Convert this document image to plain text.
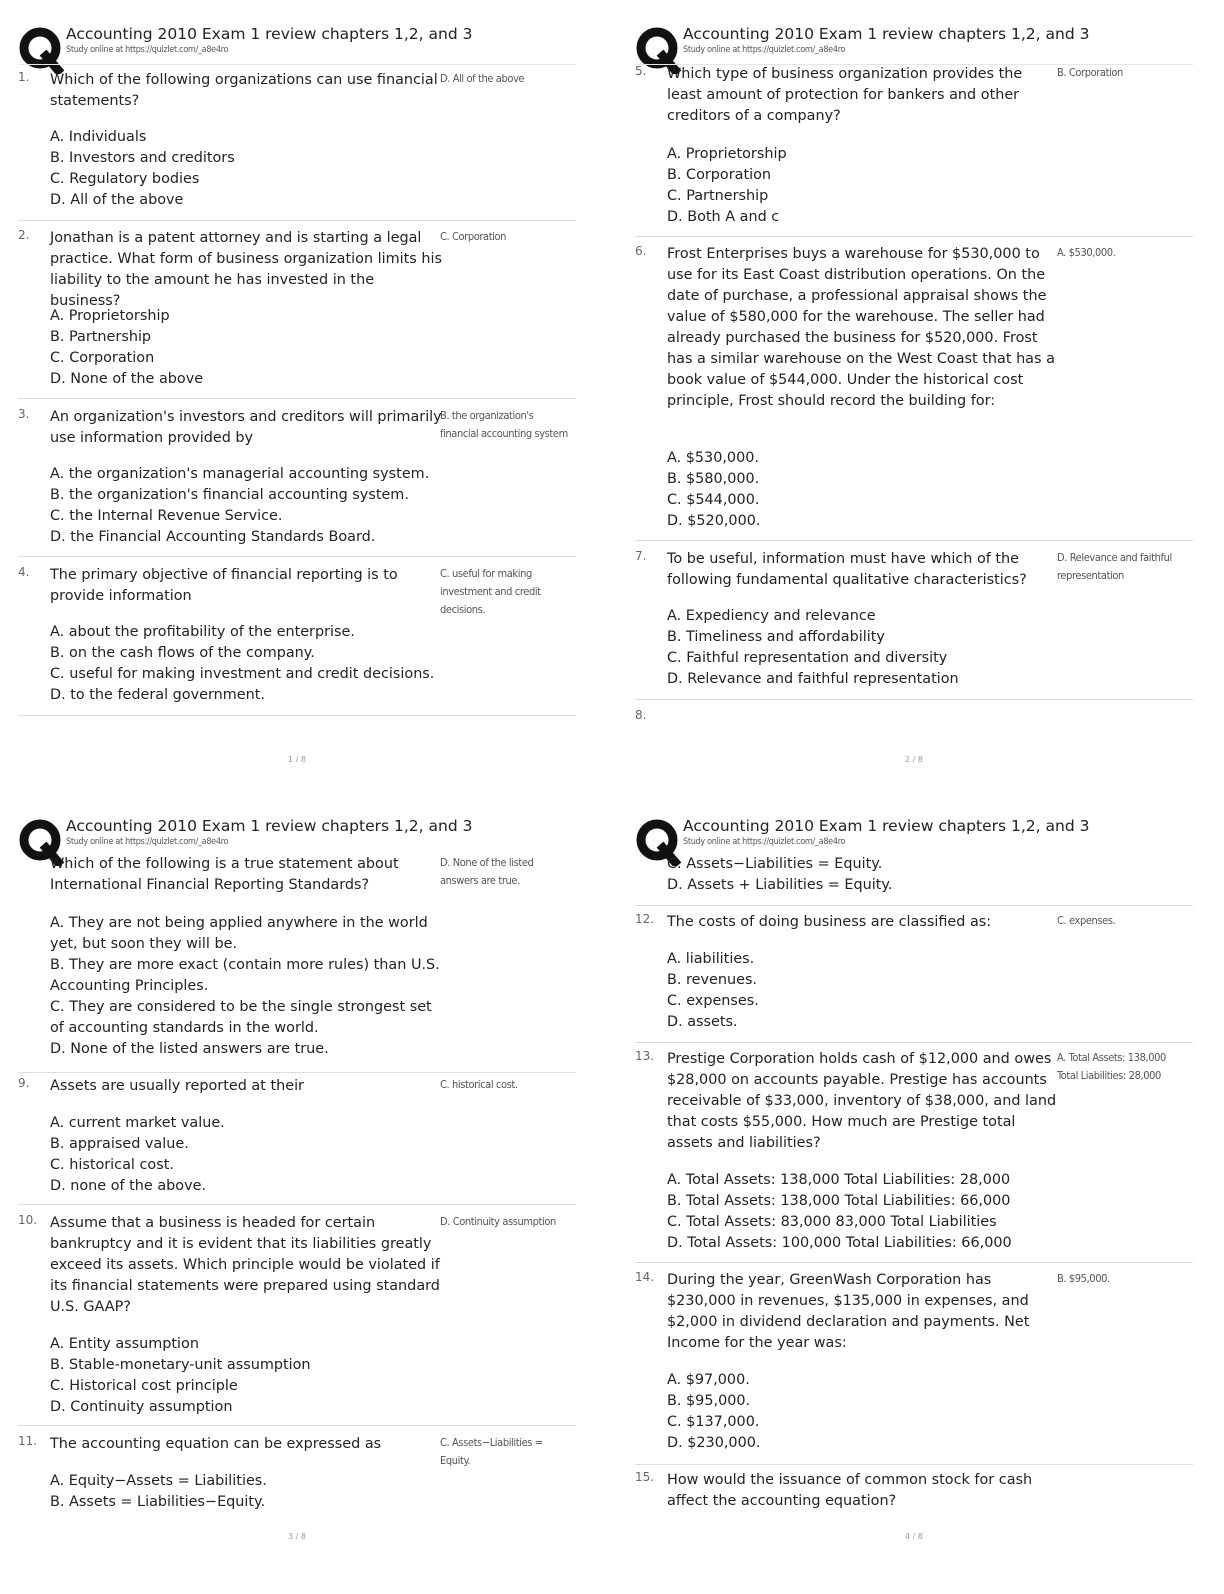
Accounting 2010 Exam 1 review chapters 1,2, and 3
Study online at https://quizlet.com/_a8e4ro
1. Which of the following organizations can use financial statements?
D. All of the above
A. Individuals
B. Investors and creditors
C. Regulatory bodies
D. All of the above
2. Jonathan is a patent attorney and is starting a legal practice. What form of business organization limits his liability to the amount he has invested in the business?
C. Corporation
A. Proprietorship
B. Partnership
C. Corporation
D. None of the above
3. An organization's investors and creditors will primarily use information provided by
B. the organization's financial accounting system
A. the organization's managerial accounting system.
B. the organization's financial accounting system.
C. the Internal Revenue Service.
D. the Financial Accounting Standards Board.
4. The primary objective of financial reporting is to provide information
C. useful for making investment and credit decisions.
A. about the profitability of the enterprise.
B. on the cash flows of the company.
C. useful for making investment and credit decisions.
D. to the federal government.
1 / 8
Accounting 2010 Exam 1 review chapters 1,2, and 3
Study online at https://quizlet.com/_a8e4ro
5. Which type of business organization provides the least amount of protection for bankers and other creditors of a company?
B. Corporation
A. Proprietorship
B. Corporation
C. Partnership
D. Both A and c
6. Frost Enterprises buys a warehouse for $530,000 to use for its East Coast distribution operations. On the date of purchase, a professional appraisal shows the value of $580,000 for the warehouse. The seller had already purchased the business for $520,000. Frost has a similar warehouse on the West Coast that has a book value of $544,000. Under the historical cost principle, Frost should record the building for:
A. $530,000.
A. $530,000.
B. $580,000.
C. $544,000.
D. $520,000.
7. To be useful, information must have which of the following fundamental qualitative characteristics?
D. Relevance and faithful representation
A. Expediency and relevance
B. Timeliness and affordability
C. Faithful representation and diversity
D. Relevance and faithful representation
8.
2 / 8
Accounting 2010 Exam 1 review chapters 1,2, and 3
Study online at https://quizlet.com/_a8e4ro
Which of the following is a true statement about International Financial Reporting Standards?
D. None of the listed answers are true.
A. They are not being applied anywhere in the world yet, but soon they will be.
B. They are more exact (contain more rules) than U.S. Accounting Principles.
C. They are considered to be the single strongest set of accounting standards in the world.
D. None of the listed answers are true.
9. Assets are usually reported at their	C. historical cost.
A. current market value.
B. appraised value.
C. historical cost.
D. none of the above.
10. Assume that a business is headed for certain bankruptcy and it is evident that its liabilities greatly exceed its assets. Which principle would be violated if its financial statements were prepared using standard U.S. GAAP?
D. Continuity assumption
A. Entity assumption
B. Stable-monetary-unit assumption
C. Historical cost principle
D. Continuity assumption
11. The accounting equation can be expressed as	C. Assets−Liabilities = Equity.
A. Equity−Assets = Liabilities.
B. Assets = Liabilities−Equity.
3 / 8
Accounting 2010 Exam 1 review chapters 1,2, and 3
Study online at https://quizlet.com/_a8e4ro
C. Assets−Liabilities = Equity.
D. Assets + Liabilities = Equity.
12. The costs of doing business are classified as:	C. expenses.
A. liabilities.
B. revenues.
C. expenses.
D. assets.
13. Prestige Corporation holds cash of $12,000 and owes $28,000 on accounts payable. Prestige has accounts receivable of $33,000, inventory of $38,000, and land that costs $55,000. How much are Prestige total assets and liabilities?
A. Total Assets: 138,000 Total Liabilities: 28,000
A. Total Assets: 138,000 Total Liabilities: 28,000
B. Total Assets: 138,000 Total Liabilities: 66,000
C. Total Assets: 83,000 83,000 Total Liabilities
D. Total Assets: 100,000 Total Liabilities: 66,000
14. During the year, GreenWash Corporation has $230,000 in revenues, $135,000 in expenses, and $2,000 in dividend declaration and payments. Net Income for the year was:
B. $95,000.
A. $97,000.
B. $95,000.
C. $137,000.
D. $230,000.
15. How would the issuance of common stock for cash affect the accounting equation?
4 / 8
